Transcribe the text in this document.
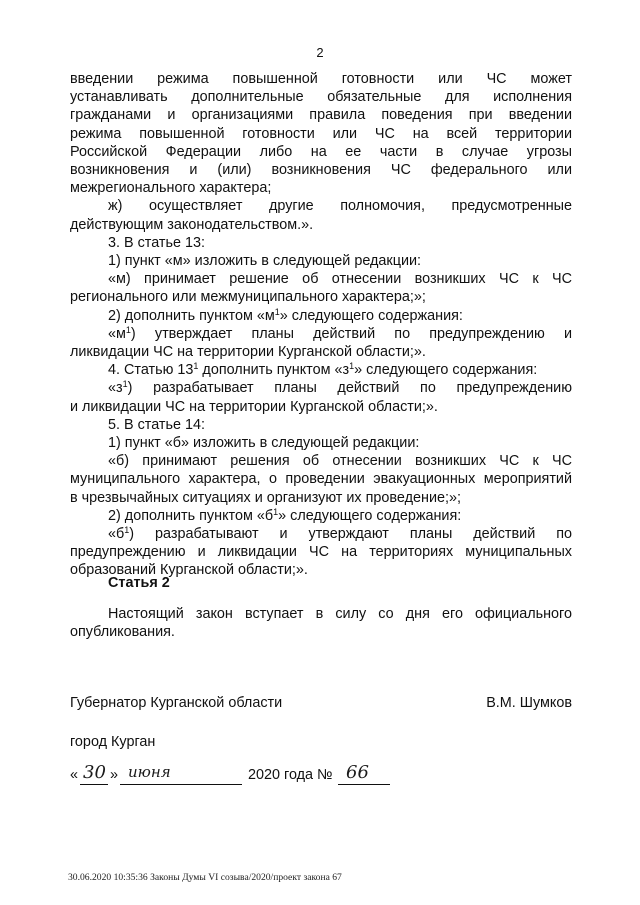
2

введении режима повышенной готовности или ЧС может

устанавливать дополнительные обязательные для исполнения

гражданами и организациями правила поведения при введении

режима повышенной готовности или ЧС на всей территории

Российской Федерации либо на ее части в случае угрозы

возникновения и (или) возникновения ЧС федерального или

межрегионального характера;

ж) осуществляет другие полномочия, предусмотренные

действующим законодательством.».

3. В статье 13:

1) пункт «м» изложить в следующей редакции:

«м) принимает решение об отнесении возникших ЧС к ЧС

регионального или межмуниципального характера;»;

2) дополнить пунктом «$м^1$» следующего содержания:

«$м^1$) утверждает планы действий по предупреждению и

ликвидации ЧС на территории Курганской области;».

4. Статью $13^1$ дополнить пунктом «$з^1$» следующего содержания:

«$з^1$) разрабатывает планы действий по предупреждению

и ликвидации ЧС на территории Курганской области;».

5. В статье 14:

1) пункт «б» изложить в следующей редакции:

«б) принимают решения об отнесении возникших ЧС к ЧС

муниципального характера, о проведении эвакуационных мероприятий

в чрезвычайных ситуациях и организуют их проведение;»;

2) дополнить пунктом «$б^1$» следующего содержания:

«$б^1$) разрабатывают и утверждают планы действий по

предупреждению и ликвидации ЧС на территориях муниципальных

образований Курганской области;».

Статья 2

Настоящий закон вступает в силу со дня его официального

опубликования.

Губернатор Курганской области	В.М. Шумков
город Курган
« 30 » июня	2020 года № 66
30.06.2020 10:35:36 Законы Думы VI созыва/2020/проект закона 67
